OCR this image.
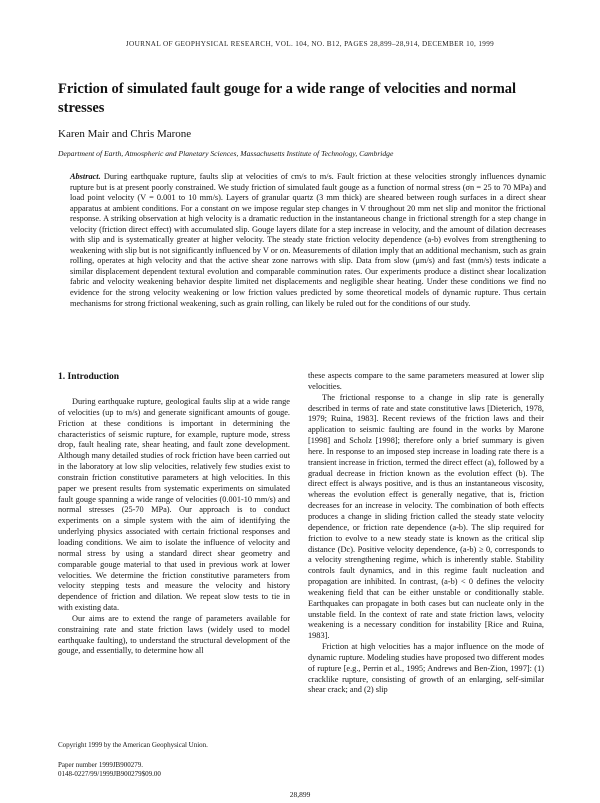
JOURNAL OF GEOPHYSICAL RESEARCH, VOL. 104, NO. B12, PAGES 28,899–28,914, DECEMBER 10, 1999
Friction of simulated fault gouge for a wide range of velocities and normal stresses
Karen Mair and Chris Marone
Department of Earth, Atmospheric and Planetary Sciences, Massachusetts Institute of Technology, Cambridge
Abstract. During earthquake rupture, faults slip at velocities of cm/s to m/s. Fault friction at these velocities strongly influences dynamic rupture but is at present poorly constrained. We study friction of simulated fault gouge as a function of normal stress (σn = 25 to 70 MPa) and load point velocity (V = 0.001 to 10 mm/s). Layers of granular quartz (3 mm thick) are sheared between rough surfaces in a direct shear apparatus at ambient conditions. For a constant σn we impose regular step changes in V throughout 20 mm net slip and monitor the frictional response. A striking observation at high velocity is a dramatic reduction in the instantaneous change in frictional strength for a step change in velocity (friction direct effect) with accumulated slip. Gouge layers dilate for a step increase in velocity, and the amount of dilation decreases with slip and is systematically greater at higher velocity. The steady state friction velocity dependence (a-b) evolves from strengthening to weakening with slip but is not significantly influenced by V or σn. Measurements of dilation imply that an additional mechanism, such as grain rolling, operates at high velocity and that the active shear zone narrows with slip. Data from slow (μm/s) and fast (mm/s) tests indicate a similar displacement dependent textural evolution and comparable comminution rates. Our experiments produce a distinct shear localization fabric and velocity weakening behavior despite limited net displacements and negligible shear heating. Under these conditions we find no evidence for the strong velocity weakening or low friction values predicted by some theoretical models of dynamic rupture. Thus certain mechanisms for strong frictional weakening, such as grain rolling, can likely be ruled out for the conditions of our study.
1. Introduction

During earthquake rupture, geological faults slip at a wide range of velocities (up to m/s) and generate significant amounts of gouge. Friction at these conditions is important in determining the characteristics of seismic rupture, for example, rupture mode, stress drop, fault healing rate, shear heating, and fault zone development. Although many detailed studies of rock friction have been carried out in the laboratory at low slip velocities, relatively few studies exist to constrain friction constitutive parameters at high velocities. In this paper we present results from systematic experiments on simulated fault gouge spanning a wide range of velocities (0.001-10 mm/s) and normal stresses (25-70 MPa). Our approach is to conduct experiments on a simple system with the aim of identifying the underlying physics associated with certain frictional responses and loading conditions. We aim to isolate the influence of velocity and normal stress by using a standard direct shear geometry and comparable gouge material to that used in previous work at lower velocities. We determine the friction constitutive parameters from velocity stepping tests and measure the velocity and history dependence of friction and dilation. We repeat slow tests to tie in with existing data.

Our aims are to extend the range of parameters available for constraining rate and state friction laws (widely used to model earthquake faulting), to understand the structural development of the gouge, and essentially, to determine how all

these aspects compare to the same parameters measured at lower slip velocities.

The frictional response to a change in slip rate is generally described in terms of rate and state constitutive laws [Dieterich, 1978, 1979; Ruina, 1983]. Recent reviews of the friction laws and their application to seismic faulting are found in the works by Marone [1998] and Scholz [1998]; therefore only a brief summary is given here. In response to an imposed step increase in loading rate there is a transient increase in friction, termed the direct effect (a), followed by a gradual decrease in friction known as the evolution effect (b). The direct effect is always positive, and is thus an instantaneous viscosity, whereas the evolution effect is generally negative, that is, friction decreases for an increase in velocity. The combination of both effects produces a change in sliding friction called the steady state velocity dependence, or friction rate dependence (a-b). The slip required for friction to evolve to a new steady state is known as the critical slip distance (Dc). Positive velocity dependence, (a-b) ≥ 0, corresponds to a velocity strengthening regime, which is inherently stable. Stability controls fault dynamics, and in this regime fault nucleation and propagation are inhibited. In contrast, (a-b) < 0 defines the velocity weakening field that can be either unstable or conditionally stable. Earthquakes can propagate in both cases but can nucleate only in the unstable field. In the context of rate and state friction laws, velocity weakening is a necessary condition for instability [Rice and Ruina, 1983].

Friction at high velocities has a major influence on the mode of dynamic rupture. Modeling studies have proposed two different modes of rupture [e.g., Perrin et al., 1995; Andrews and Ben-Zion, 1997]: (1) cracklike rupture, consisting of growth of an enlarging, self-similar shear crack; and (2) slip

Copyright 1999 by the American Geophysical Union.
Paper number 1999JB900279.
0148-0227/99/1999JB900279$09.00
28,899
